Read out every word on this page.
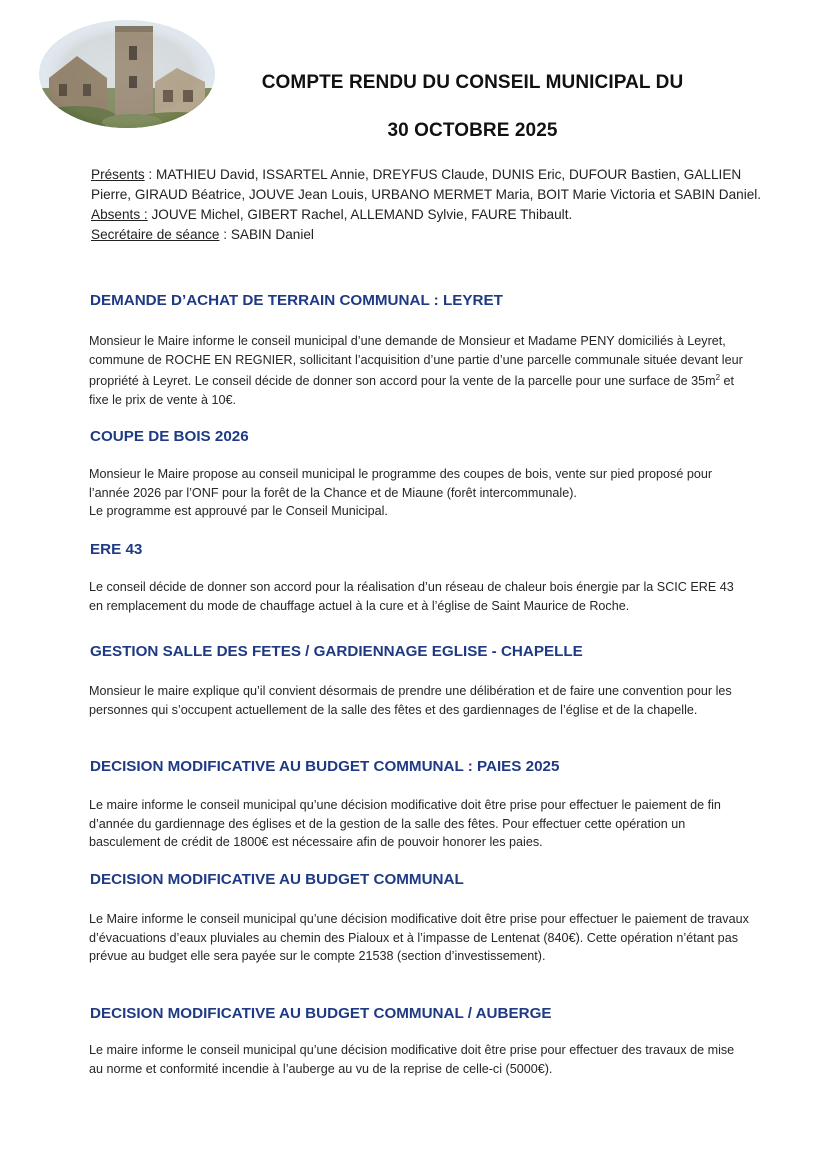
COMPTE RENDU DU CONSEIL MUNICIPAL DU
30 OCTOBRE 2025

Présents : MATHIEU David, ISSARTEL Annie, DREYFUS Claude, DUNIS Eric, DUFOUR Bastien, GALLIEN Pierre, GIRAUD Béatrice, JOUVE Jean Louis, URBANO MERMET Maria, BOIT Marie Victoria et SABIN Daniel.

Absents : JOUVE Michel, GIBERT Rachel, ALLEMAND Sylvie, FAURE Thibault.

Secrétaire de séance : SABIN Daniel

DEMANDE D’ACHAT DE TERRAIN COMMUNAL : LEYRET

Monsieur le Maire informe le conseil municipal d’une demande de Monsieur et Madame PENY domiciliés à Leyret, commune de ROCHE EN REGNIER, sollicitant l’acquisition d’une partie d’une parcelle communale située devant leur propriété à Leyret. Le conseil décide de donner son accord pour la vente de la parcelle pour une surface de $35m^2$ et fixe le prix de vente à 10€.

COUPE DE BOIS 2026

Monsieur le Maire propose au conseil municipal le programme des coupes de bois, vente sur pied proposé pour l’année 2026 par l’ONF pour la forêt de la Chance et de Miaune (forêt intercommunale).

Le programme est approuvé par le Conseil Municipal.

ERE 43

Le conseil décide de donner son accord pour la réalisation d’un réseau de chaleur bois énergie par la SCIC ERE 43 en remplacement du mode de chauffage actuel à la cure et à l’église de Saint Maurice de Roche.

GESTION SALLE DES FETES / GARDIENNAGE EGLISE - CHAPELLE

Monsieur le maire explique qu’il convient désormais de prendre une délibération et de faire une convention pour les personnes qui s’occupent actuellement de la salle des fêtes et des gardiennages de l’église et de la chapelle.

DECISION MODIFICATIVE AU BUDGET COMMUNAL : PAIES 2025

Le maire informe le conseil municipal qu’une décision modificative doit être prise pour effectuer le paiement de fin d’année du gardiennage des églises et de la gestion de la salle des fêtes. Pour effectuer cette opération un basculement de crédit de 1800€ est nécessaire afin de pouvoir honorer les paies.

DECISION MODIFICATIVE AU BUDGET COMMUNAL

Le Maire informe le conseil municipal qu’une décision modificative doit être prise pour effectuer le paiement de travaux d’évacuations d’eaux pluviales au chemin des Pialoux et à l’impasse de Lentenat (840€). Cette opération n’étant pas prévue au budget elle sera payée sur le compte 21538 (section d’investissement).

DECISION MODIFICATIVE AU BUDGET COMMUNAL / AUBERGE

Le maire informe le conseil municipal qu’une décision modificative doit être prise pour effectuer des travaux de mise au norme et conformité incendie à l’auberge au vu de la reprise de celle-ci (5000€).
